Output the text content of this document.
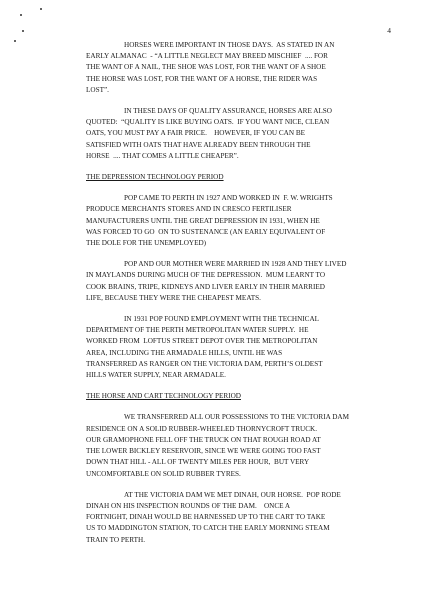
4
HORSES WERE IMPORTANT IN THOSE DAYS.  AS STATED IN AN
EARLY ALMANAC  - “A LITTLE NEGLECT MAY BREED MISCHIEF  .... FOR
THE WANT OF A NAIL, THE SHOE WAS LOST, FOR THE WANT OF A SHOE
THE HORSE WAS LOST, FOR THE WANT OF A HORSE, THE RIDER WAS
LOST”.
IN THESE DAYS OF QUALITY ASSURANCE, HORSES ARE ALSO
QUOTED:  “QUALITY IS LIKE BUYING OATS.  IF YOU WANT NICE, CLEAN
OATS, YOU MUST PAY A FAIR PRICE.    HOWEVER, IF YOU CAN BE
SATISFIED WITH OATS THAT HAVE ALREADY BEEN THROUGH THE
HORSE  .... THAT COMES A LITTLE CHEAPER”.
THE DEPRESSION TECHNOLOGY PERIOD
POP CAME TO PERTH IN 1927 AND WORKED IN  F. W. WRIGHTS
PRODUCE MERCHANTS STORES AND IN CRESCO FERTILISER
MANUFACTURERS UNTIL THE GREAT DEPRESSION IN 1931, WHEN HE
WAS FORCED TO GO  ON TO SUSTENANCE (AN EARLY EQUIVALENT OF
THE DOLE FOR THE UNEMPLOYED)
POP AND OUR MOTHER WERE MARRIED IN 1928 AND THEY LIVED
IN MAYLANDS DURING MUCH OF THE DEPRESSION.  MUM LEARNT TO
COOK BRAINS, TRIPE, KIDNEYS AND LIVER EARLY IN THEIR MARRIED
LIFE, BECAUSE THEY WERE THE CHEAPEST MEATS.
IN 1931 POP FOUND EMPLOYMENT WITH THE TECHNICAL
DEPARTMENT OF THE PERTH METROPOLITAN WATER SUPPLY.  HE
WORKED FROM  LOFTUS STREET DEPOT OVER THE METROPOLITAN
AREA, INCLUDING THE ARMADALE HILLS, UNTIL HE WAS
TRANSFERRED AS RANGER ON THE VICTORIA DAM, PERTH’S OLDEST
HILLS WATER SUPPLY, NEAR ARMADALE.
THE HORSE AND CART TECHNOLOGY PERIOD
WE TRANSFERRED ALL OUR POSSESSIONS TO THE VICTORIA DAM
RESIDENCE ON A SOLID RUBBER-WHEELED THORNYCROFT TRUCK.
OUR GRAMOPHONE FELL OFF THE TRUCK ON THAT ROUGH ROAD AT
THE LOWER BICKLEY RESERVOIR, SINCE WE WERE GOING TOO FAST
DOWN THAT HILL - ALL OF TWENTY MILES PER HOUR,  BUT VERY
UNCOMFORTABLE ON SOLID RUBBER TYRES.
AT THE VICTORIA DAM WE MET DINAH, OUR HORSE.  POP RODE
DINAH ON HIS INSPECTION ROUNDS OF THE DAM.    ONCE A
FORTNIGHT, DINAH WOULD BE HARNESSED UP TO THE CART TO TAKE
US TO MADDINGTON STATION, TO CATCH THE EARLY MORNING STEAM
TRAIN TO PERTH.
